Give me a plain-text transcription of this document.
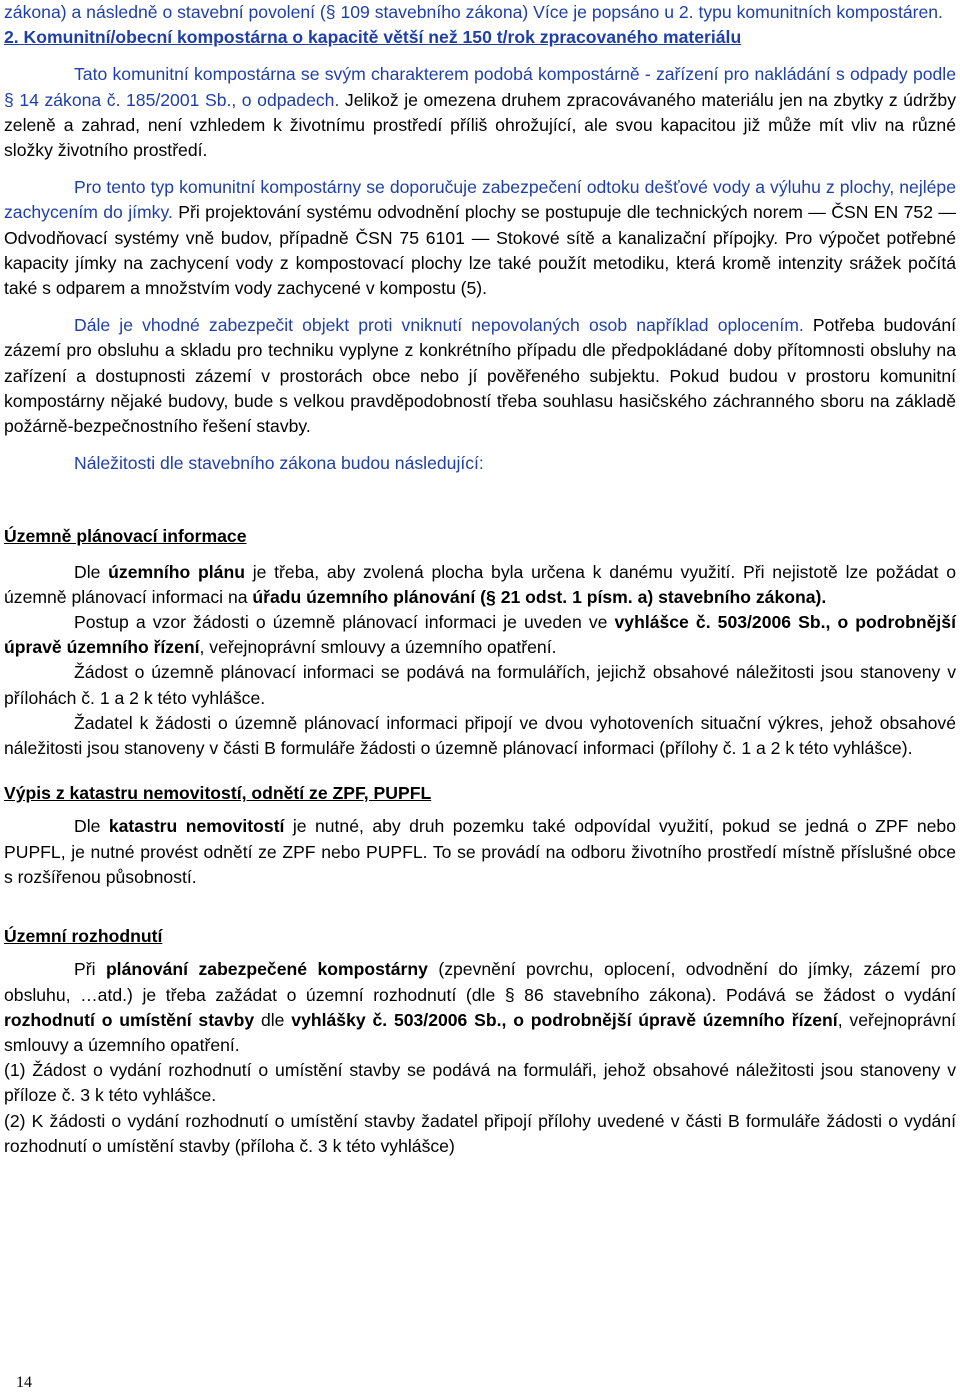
zákona) a následně o stavební povolení (§ 109 stavebního zákona) Více je popsáno u 2. typu komunitních kompostáren.

2. Komunitní/obecní kompostárna o kapacitě větší než 150 t/rok zpracovaného materiálu

Tato komunitní kompostárna se svým charakterem podobá kompostárně - zařízení pro nakládání s odpady podle § 14 zákona č. 185/2001 Sb., o odpadech. Jelikož je omezena druhem zpracovávaného materiálu jen na zbytky z údržby zeleně a zahrad, není vzhledem k životnímu prostředí příliš ohrožující, ale svou kapacitou již může mít vliv na různé složky životního prostředí.

Pro tento typ komunitní kompostárny se doporučuje zabezpečení odtoku dešťové vody a výluhu z plochy, nejlépe zachycením do jímky. Při projektování systému odvodnění plochy se postupuje dle technických norem — ČSN EN 752 — Odvodňovací systémy vně budov, případně ČSN 75 6101 — Stokové sítě a kanalizační přípojky. Pro výpočet potřebné kapacity jímky na zachycení vody z kompostovací plochy lze také použít metodiku, která kromě intenzity srážek počítá také s odparem a množstvím vody zachycené v kompostu (5).

Dále je vhodné zabezpečit objekt proti vniknutí nepovolaných osob například oplocením. Potřeba budování zázemí pro obsluhu a skladu pro techniku vyplyne z konkrétního případu dle předpokládané doby přítomnosti obsluhy na zařízení a dostupnosti zázemí v prostorách obce nebo jí pověřeného subjektu. Pokud budou v prostoru komunitní kompostárny nějaké budovy, bude s velkou pravděpodobností třeba souhlasu hasičského záchranného sboru na základě požárně-bezpečnostního řešení stavby.

Náležitosti dle stavebního zákona budou následující:

Územně plánovací informace

Dle územního plánu je třeba, aby zvolená plocha byla určena k danému využití. Při nejistotě lze požádat o územně plánovací informaci na úřadu územního plánování (§ 21 odst. 1 písm. a) stavebního zákona).

Postup a vzor žádosti o územně plánovací informaci je uveden ve vyhlášce č. 503/2006 Sb., o podrobnější úpravě územního řízení, veřejnoprávní smlouvy a územního opatření.

Žádost o územně plánovací informaci se podává na formulářích, jejichž obsahové náležitosti jsou stanoveny v přílohách č. 1 a 2 k této vyhlášce.

Žadatel k žádosti o územně plánovací informaci připojí ve dvou vyhotoveních situační výkres, jehož obsahové náležitosti jsou stanoveny v části B formuláře žádosti o územně plánovací informaci (přílohy č. 1 a 2 k této vyhlášce).

Výpis z katastru nemovitostí, odnětí ze ZPF, PUPFL

Dle katastru nemovitostí je nutné, aby druh pozemku také odpovídal využití, pokud se jedná o ZPF nebo PUPFL, je nutné provést odnětí ze ZPF nebo PUPFL. To se provádí na odboru životního prostředí místně příslušné obce s rozšířenou působností.

Územní rozhodnutí

Při plánování zabezpečené kompostárny (zpevnění povrchu, oplocení, odvodnění do jímky, zázemí pro obsluhu, …atd.) je třeba zažádat o územní rozhodnutí (dle § 86 stavebního zákona). Podává se žádost o vydání rozhodnutí o umístění stavby dle vyhlášky č. 503/2006 Sb., o podrobnější úpravě územního řízení, veřejnoprávní smlouvy a územního opatření.

(1) Žádost o vydání rozhodnutí o umístění stavby se podává na formuláři, jehož obsahové náležitosti jsou stanoveny v příloze č. 3 k této vyhlášce.

(2) K žádosti o vydání rozhodnutí o umístění stavby žadatel připojí přílohy uvedené v části B formuláře žádosti o vydání rozhodnutí o umístění stavby (příloha č. 3 k této vyhlášce)

14
